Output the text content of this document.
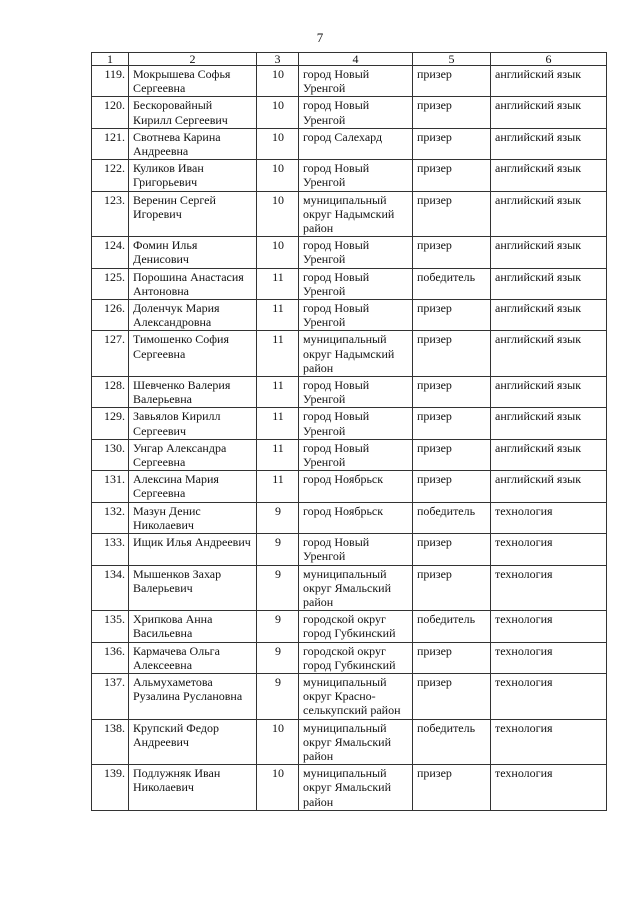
7
1	2	3	4	5	6
119.	Мокрышева Софья Сергеевна	10	город Новый Уренгой	призер	английский язык
120.	Бескоровайный Кирилл Сергеевич	10	город Новый Уренгой	призер	английский язык
121.	Свотнева Карина Андреевна	10	город Салехард	призер	английский язык
122.	Куликов Иван Григорьевич	10	город Новый Уренгой	призер	английский язык
123.	Веренин Сергей Игоревич	10	муниципальный округ Надымский район	призер	английский язык
124.	Фомин Илья Денисович	10	город Новый Уренгой	призер	английский язык
125.	Порошина Анастасия Антоновна	11	город Новый Уренгой	победитель	английский язык
126.	Доленчук Мария Александровна	11	город Новый Уренгой	призер	английский язык
127.	Тимошенко София Сергеевна	11	муниципальный округ Надымский район	призер	английский язык
128.	Шевченко Валерия Валерьевна	11	город Новый Уренгой	призер	английский язык
129.	Завьялов Кирилл Сергеевич	11	город Новый Уренгой	призер	английский язык
130.	Унгар Александра Сергеевна	11	город Новый Уренгой	призер	английский язык
131.	Алексина Мария Сергеевна	11	город Ноябрьск	призер	английский язык
132.	Мазун Денис Николаевич	9	город Ноябрьск	победитель	технология
133.	Ищик Илья Андреевич	9	город Новый Уренгой	призер	технология
134.	Мышенков Захар Валерьевич	9	муниципальный округ Ямальский район	призер	технология
135.	Хрипкова Анна Васильевна	9	городской округ город Губкинский	победитель	технология
136.	Кармачева Ольга Алексеевна	9	городской округ город Губкинский	призер	технология
137.	Альмухаметова Рузалина Руслановна	9	муниципальный округ Красно-селькупский район	призер	технология
138.	Крупский Федор Андреевич	10	муниципальный округ Ямальский район	победитель	технология
139.	Подлужняк Иван Николаевич	10	муниципальный округ Ямальский район	призер	технология
